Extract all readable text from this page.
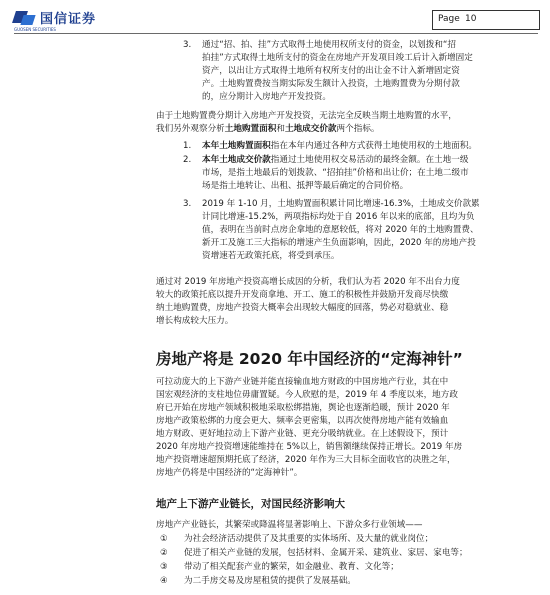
国信证券
GUOSEN SECURITIES
Page 10
3. 通过“招、拍、挂”方式取得土地使用权所支付的资金，以划拨和“招
拍挂”方式取得土地所支付的资金在房地产开发项目竣工后计入新增固定
资产，以出让方式取得土地所有权所支付的出让金不计入新增固定资
产。土地购置费按当期实际发生额计入投资，土地购置费为分期付款
的，应分期计入房地产开发投资。
由于土地购置费分期计入房地产开发投资，无法完全反映当期土地购置的水平，
我们另外观察分析土地购置面积和土地成交价款两个指标。
1. 本年土地购置面积指在本年内通过各种方式获得土地使用权的土地面积。
2. 本年土地成交价款指通过土地使用权交易活动的最终金额。在土地一级
市场，是指土地最后的划拨款、“招拍挂”价格和出让价；在土地二级市
场是指土地转让、出租、抵押等最后确定的合同价格。
3. 2019 年 1-10 月，土地购置面积累计同比增速-16.3%，土地成交价款累
计同比增速-15.2%，两项指标均处于自 2016 年以来的底部，且均为负
值，表明在当前时点房企拿地的意愿较低，将对 2020 年的土地购置费、
新开工及施工三大指标的增速产生负面影响，因此，2020 年的房地产投
资增速若无政策托底，将受到承压。
通过对 2019 年房地产投资高增长成因的分析，我们认为若 2020 年不出台力度
较大的政策托底以提升开发商拿地、开工、施工的积极性并鼓励开发商尽快缴
纳土地购置费，房地产投资大概率会出现较大幅度的回落，势必对稳就业、稳
增长构成较大压力。
房地产将是 2020 年中国经济的“定海神针”
可拉动庞大的上下游产业链并能直接输血地方财政的中国房地产行业，其在中
国宏观经济的支柱地位毋庸置疑。今人欣慰的是，2019 年 4 季度以来，地方政
府已开始在房地产领域积极地采取松绑措施，舆论也逐渐趋暖，预计 2020 年
房地产政策松绑的力度会更大、频率会更密集，以再次使得房地产能有效输血
地方财政、更好地拉动上下游产业链、更充分吸纳就业。在上述假设下，预计
2020 年房地产投资增速能维持在 5%以上，销售额继续保持正增长。2019 年房
地产投资增速超预期托底了经济，2020 年作为三大目标全面收官的决胜之年，
房地产仍将是中国经济的“定海神针”。
地产上下游产业链长，对国民经济影响大
房地产产业链长，其繁荣或降温将显著影响上、下游众多行业领域——
① 为社会经济活动提供了及其重要的实体场所、及大量的就业岗位；
② 促进了相关产业链的发展，包括材料、金属开采、建筑业、家居、家电等；
③ 带动了相关配套产业的繁荣，如金融业、教育、文化等；
④ 为二手房交易及房屋租赁的提供了发展基础。
